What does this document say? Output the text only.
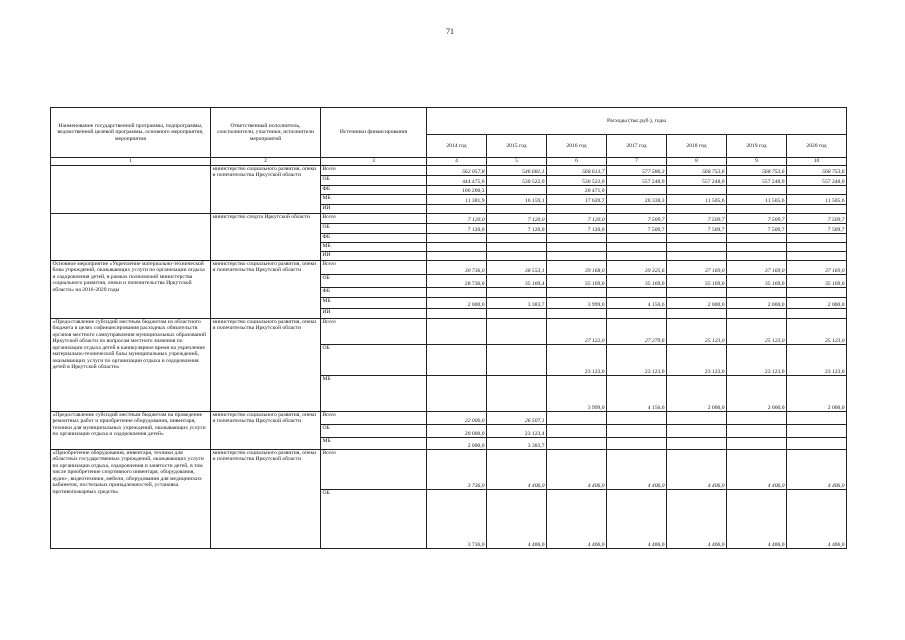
71
Наименование государственной программы, подпрограммы, ведомственной целевой программы, основного мероприятия, мероприятия	Ответственный исполнитель, соисполнители, участники, исполнители мероприятий	Источники финансирования	Расходы (тыс.руб.), годы						
			2014 год	2015 год	2016 год	2017 год	2018 год	2019 год	2020 год
1	2	3	4	5	6	7	8	9	10
	министерство социального развития, опеки и попечительства Иркутской области	Всего	562 057,8	546 681,1	568 613,7	577 586,3	568 753,6	568 753,6	568 753,6
		ОБ	444 475,6	530 522,0	530 522,0	557 248,0	557 248,0	557 248,0	557 248,0
		ФБ	106 200,3		20 471,0				
		МБ	11 381,9	16 159,1	17 620,7	20 338,3	11 505,6	11 505,6	11 505,6
		ИИ							
	министерство спорта Иркутской области	Всего	7 120,0	7 120,0	7 120,0	7 509,7	7 509,7	7 509,7	7 509,7
		ОБ	7 120,0	7 120,0	7 120,0	7 509,7	7 509,7	7 509,7	7 509,7
		ФБ							
		МБ							
		ИИ							
Основное мероприятие «Укрепление материально-технической базы учреждений, оказывающих услуги по организации отдыха и оздоровления детей, в рамках полномочий министерства социального развития, опеки и попечительства Иркутской области» на 2016-2020 годы	министерство социального развития, опеки и попечительства Иркутской области	Всего	30 736,0	38 553,1	39 168,0	39 325,6	37 169,0	37 169,0	37 169,0
		ОБ	28 736,0	35 169,4	35 169,0	35 169,0	35 169,0	35 169,0	35 169,0
		ФБ							
		МБ	2 000,0	3 383,7	3 999,0	4 156,6	2 000,0	2 000,0	2 000,0
		ИИ							
«Предоставление субсидий местным бюджетам из областного бюджета в целях софинансирования расходных обязательств органов местного самоуправления муниципальных образований Иркутской области по вопросам местного значения по организации отдыха детей в каникулярное время на укрепление материально-технической базы муниципальных учреждений, оказывающих услуги по организации отдыха и оздоровления детей в Иркутской области»	министерство социального развития, опеки и попечительства Иркутской области	Всего			27 122,0	27 279,6	25 123,0	25 123,0	25 123,0
		ОБ			23 123,0	23 123,0	23 123,0	23 123,0	23 123,0
		МБ			3 999,0	4 156,6	2 000,0	2 000,0	2 000,0
«Предоставление субсидий местным бюджетам на проведение ремонтных работ и приобретение оборудования, инвентаря, техники для муниципальных учреждений, оказывающих услуги по организации отдыха и оздоровления детей»	министерство социального развития, опеки и попечительства Иркутской области	Всего	22 000,0	26 507,1					
		ОБ	20 000,0	23 123,4					
		МБ	2 000,0	3 383,7					
«Приобретение оборудования, инвентаря, техники для областных государственных учреждений, оказывающих услуги по организации отдыха, оздоровления и занятости детей, в том числе приобретение спортивного инвентаря, оборудования, аудио-, видеотехники, мебели, оборудования для медицинских кабинетов, постельных принадлежностей, установка противопожарных средств»	министерство социального развития, опеки и попечительства Иркутской области	Всего	3 736,0	4 406,0	4 406,0	4 406,0	4 406,0	4 406,0	4 406,0
		ОБ	3 736,0	4 406,0	4 406,0	4 406,0	4 406,0	4 406,0	4 406,0
